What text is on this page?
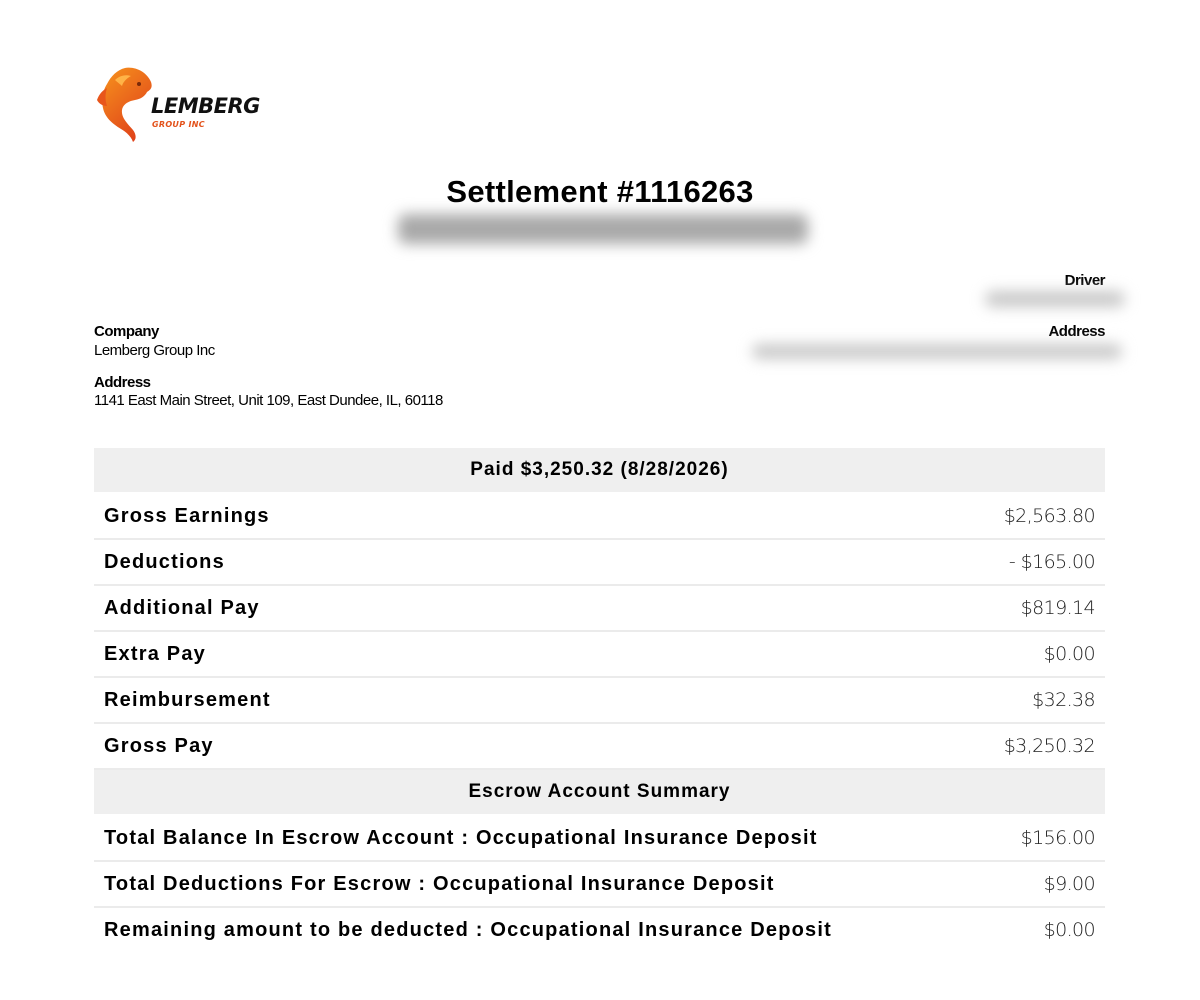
LEMBERG
GROUP INC
Settlement #1116263
Driver
Address
Company
Lemberg Group Inc
Address
1141 East Main Street, Unit 109, East Dundee, IL, 60118
Paid $3,250.32 (8/28/2026)
Gross Earnings	$2,563.80
Deductions	- $165.00
Additional Pay	$819.14
Extra Pay	$0.00
Reimbursement	$32.38
Gross Pay	$3,250.32
Escrow Account Summary
Total Balance In Escrow Account : Occupational Insurance Deposit	$156.00
Total Deductions For Escrow : Occupational Insurance Deposit	$9.00
Remaining amount to be deducted : Occupational Insurance Deposit	$0.00
